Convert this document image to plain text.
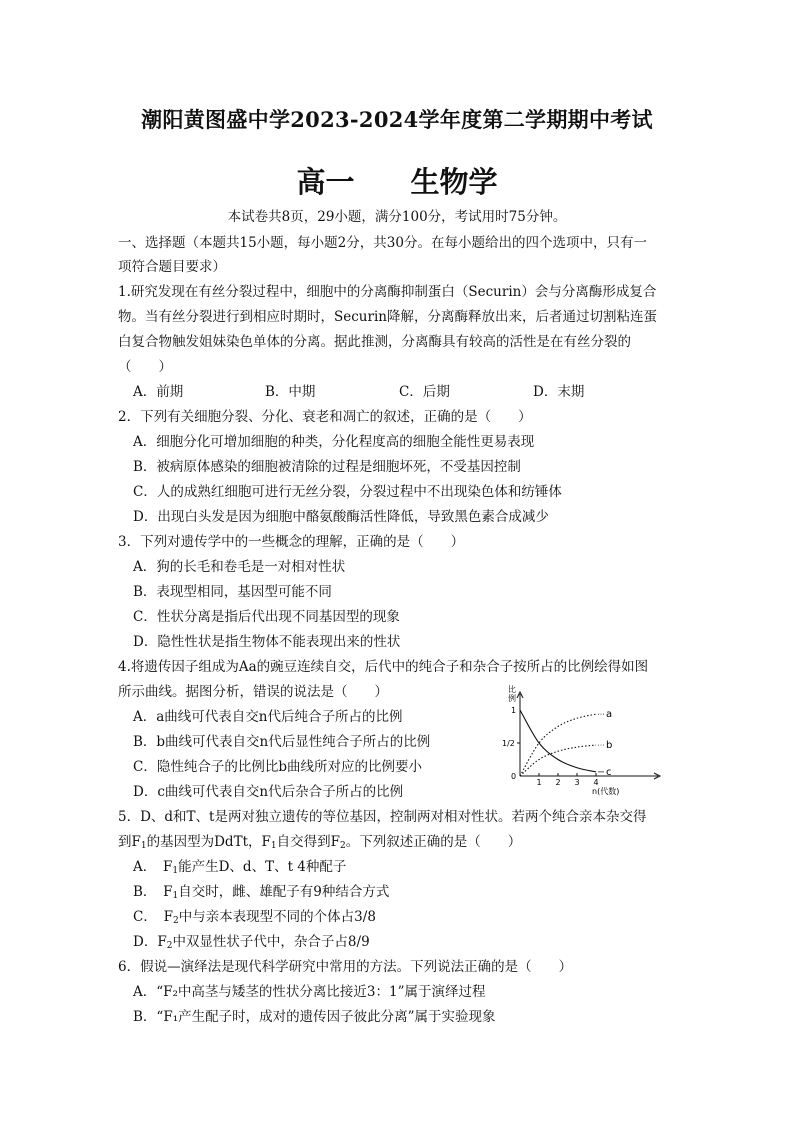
潮阳黄图盛中学2023-2024学年度第二学期期中考试
高一 生物学
本试卷共8页，29小题，满分100分，考试用时75分钟。
一、选择题（本题共15小题，每小题2分，共30分。在每小题给出的四个选项中，只有一
项符合题目要求）
1.研究发现在有丝分裂过程中，细胞中的分离酶抑制蛋白（Securin）会与分离酶形成复合
物。当有丝分裂进行到相应时期时，Securin降解，分离酶释放出来，后者通过切割粘连蛋
白复合物触发姐妹染色单体的分离。据此推测，分离酶具有较高的活性是在有丝分裂的
（　　）
A．前期	B．中期	C．后期	D．末期
2．下列有关细胞分裂、分化、衰老和凋亡的叙述，正确的是（　　）
A．细胞分化可增加细胞的种类，分化程度高的细胞全能性更易表现
B．被病原体感染的细胞被清除的过程是细胞坏死，不受基因控制
C．人的成熟红细胞可进行无丝分裂，分裂过程中不出现染色体和纺锤体
D．出现白头发是因为细胞中酪氨酸酶活性降低，导致黑色素合成减少
3．下列对遗传学中的一些概念的理解，正确的是（　　）
A．狗的长毛和卷毛是一对相对性状
B．表现型相同，基因型可能不同
C．性状分离是指后代出现不同基因型的现象
D．隐性性状是指生物体不能表现出来的性状
4.将遗传因子组成为Aa的豌豆连续自交，后代中的纯合子和杂合子按所占的比例绘得如图
所示曲线。据图分析，错误的说法是（　　）
A．a曲线可代表自交n代后纯合子所占的比例
B．b曲线可代表自交n代后显性纯合子所占的比例
C．隐性纯合子的比例比b曲线所对应的比例要小
D．c曲线可代表自交n代后杂合子所占的比例
比
例
0
1/2
1
1 2 3 4
n(代数)
a
b
c
5．D、d和T、t是两对独立遗传的等位基因，控制两对相对性状。若两个纯合亲本杂交得
到$F_1$的基因型为DdTt，$F_1$自交得到$F_2$。下列叙述正确的是（　　）
A．　$F_1$能产生D、d、T、t 4种配子
B．　$F_1$自交时，雌、雄配子有9种结合方式
C．　$F_2$中与亲本表现型不同的个体占3/8
D．$F_2$中双显性状子代中，杂合子占8/9
6．假说—演绎法是现代科学研究中常用的方法。下列说法正确的是（　　）
A．“F₂中高茎与矮茎的性状分离比接近3：1”属于演绎过程
B．“F₁产生配子时，成对的遗传因子彼此分离”属于实验现象
